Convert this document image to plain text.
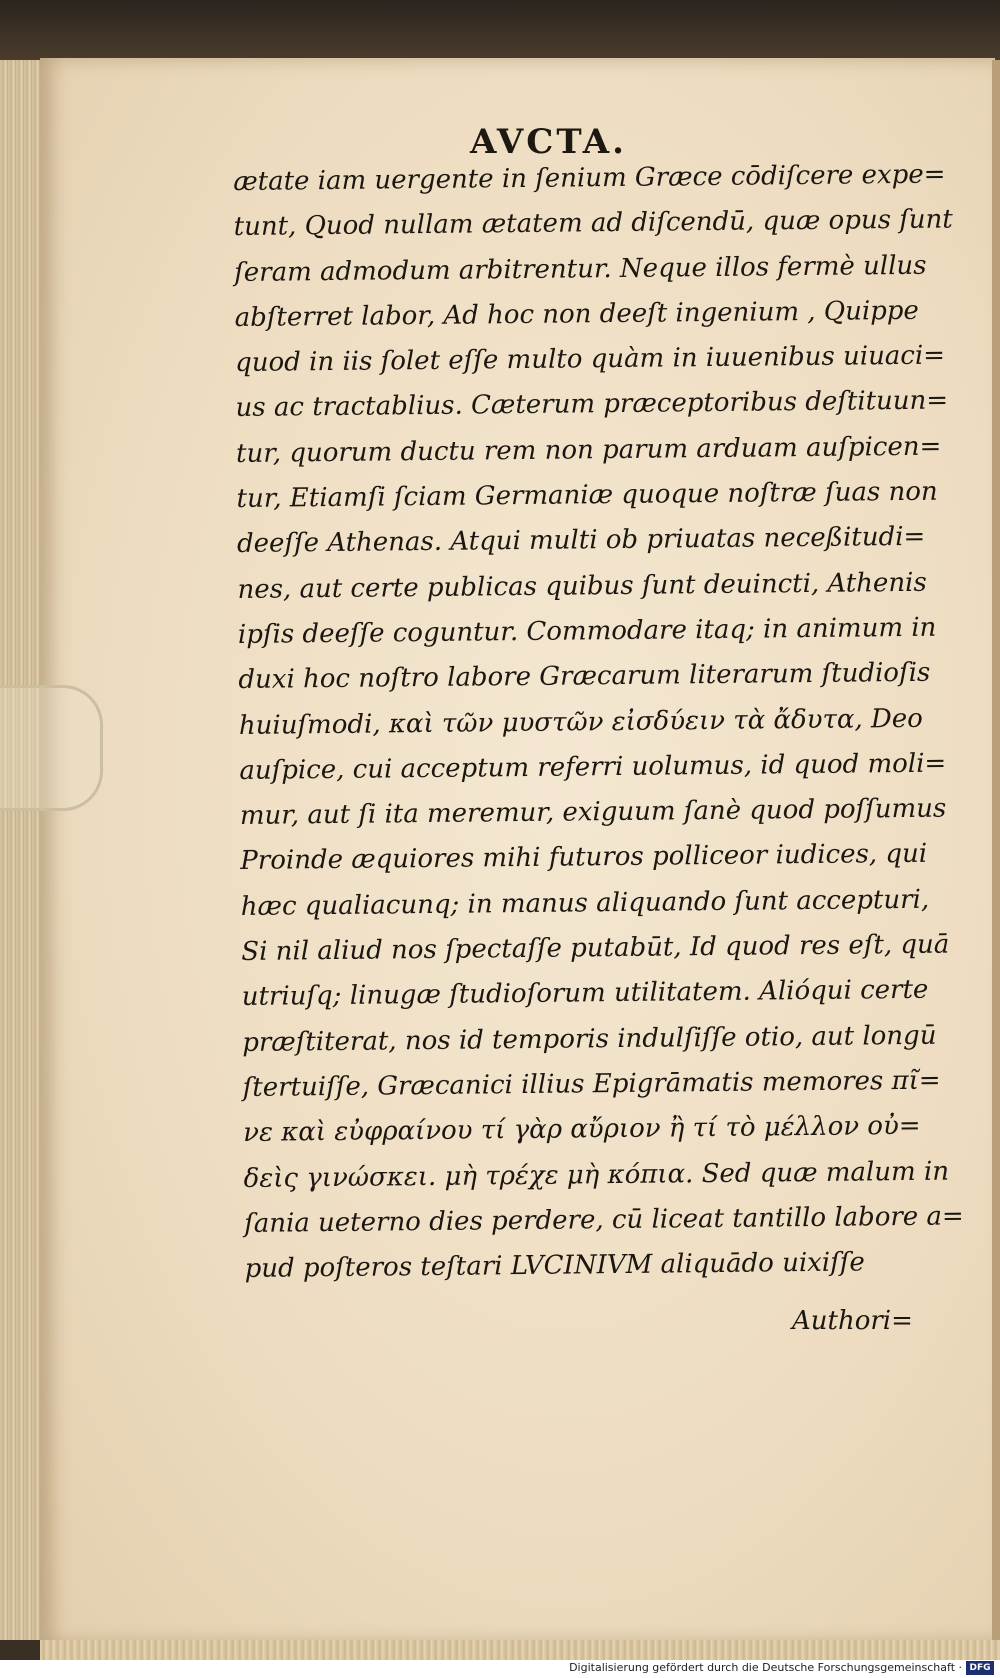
AVCTA.
ætate iam uergente in ſenium Græce cōdiſcere expe=
tunt, Quod nullam ætatem ad diſcendū, quæ opus ſunt
ſeram admodum arbitrentur. Neque illos fermè ullus
abſterret labor, Ad hoc non deeſt ingenium , Quippe
quod in iis ſolet eſſe multo quàm in iuuenibus uiuaci=
us ac tractablius. Cæterum præceptoribus deſtituun=
tur, quorum ductu rem non parum arduam auſpicen=
tur, Etiamſi ſciam Germaniæ quoque noſtræ ſuas non
deeſſe Athenas. Atqui multi ob priuatas neceßitudi=
nes, aut certe publicas quibus ſunt deuincti, Athenis
ipſis deeſſe coguntur. Commodare itaq; in animum in
duxi hoc noſtro labore Græcarum literarum ſtudioſis
huiuſmodi, καὶ τῶν μυστῶν εἰσδύειν τὰ ἄδυτα, Deo
auſpice, cui acceptum referri uolumus, id quod moli=
mur, aut ſi ita meremur, exiguum ſanè quod poſſumus
Proinde æquiores mihi futuros polliceor iudices, qui
hæc qualiacunq; in manus aliquando ſunt accepturi,
Si nil aliud nos ſpectaſſe putabūt, Id quod res eſt, quā
utriuſq; linugæ ſtudioſorum utilitatem. Alióqui certe
præſtiterat, nos id temporis indulſiſſe otio, aut longū
ſtertuiſſe, Græcanici illius Epigrāmatis memores πῖ=
νε καὶ εὐφραίνου τί γὰρ αὔριον ἢ τί τὸ μέλλον οὐ=
δεὶς γινώσκει. μὴ τρέχε μὴ κόπια. Sed quæ malum in
ſania ueterno dies perdere, cū liceat tantillo labore a=
pud poſteros teſtari LVCINIVM aliquādo uixiſſe
Authori=
Digitalisierung gefördert durch die Deutsche Forschungsgemeinschaft · DFG
